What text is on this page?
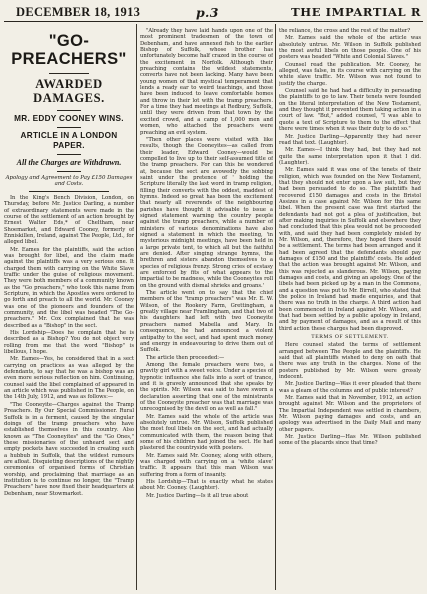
DECEMBER 18, 1913	p.3	THE IMPARTIAL R
"GO-PREACHERS"
AWARDED DAMAGES.
MR. EDDY COONEY WINS.
ARTICLE IN A LONDON PAPER.
All the Charges are Withdrawn.
Apology and Agreement to Pay £150 Damages and Costs.

In the King's Bench Division, London, on Thursday, before Mr. Justice Darling, a number of extraordinary statements were made in the course of the settlement of an action brought by Ernest Walter Eds,* of Cheltham, near Shoemarket, and Edward Cooney, formerly of Enniskillen, Ireland, against The People, Ltd., for alleged libel.

Mr. Eames for the plaintiffs, said the action was brought for libel, and the claim made against the plaintiffs was a very serious one. It charged them with carrying on the White Slave traffic under the guise of religious movement. They were both members of a community known as the "Go preachers," who took this name from Scripture, in which the Apostles were ordered to go forth and preach to all the world. Mr. Cooney was one of the pioneers and founders of the community, and the libel was headed "The Go-preachers." Mr. Cox complained that he was described as a "Bishop" in the sect.

His Lordship—Does he complain that he is described as a Bishop? You do not object very rolling from me that the word "Bishop" is libellous, I hope.

Mr. Eames—Yes, he considered that in a sect carrying on practices as was alleged by the defendants, to say that he was a bishop was an even more serious reflection on him. Continuing, counsel said the libel complained of appeared in an article which was published in The People, on the 14th July, 1912, and was as follows:—

"The Cooneyite—Charges against the Tramp Preachers. By Our Special Commissioner. Rural Suffolk is in a ferment, caused by the singular doings of the tramp preachers who have established themselves in this country. Also known as "The Cooneyites" and the "Go Ones," these missionaries of the unheard sect and empty pockets have succeeded in creating such a hubbub in Suffolk, that the wildest rumours are afloat. Disquieting descriptions of the nightly ceremonies of organised forms of Christian worship, and proclaiming that marriage as an institution is to continue no longer, the "Tramp Preachers" have now fixed their headquarters at Debenham, near Stowmarket.

"Already they have laid hands upon one of the most prominent tradesmen of the town of Debenham, and have annexed fish to the earlier Bishop of Suffolk, whose brother has unfortunately become half crazed in the course of the excitement in Norfolk. Although their preaching contains the wildest statements, converts have not been lacking. Many have been young women of that mystical temperament that lends a ready ear to weird teachings, and those have been induced to leave comfortable homes and throw in their lot with the tramp preachers. For a time they had meetings at Redbury, Suffolk, until they were driven from that town by the excited crowd, and a camp of 1,000 men and women, who attached the preachers were preaching an evil system.

"Then other places were visited with like results, though the Cooneyites—as called from their leader, Edward Cooney—would be compelled to live up to their self-assumed title of the tramp preachers. For can this be wondered at, because the sect are avowedly the sobbing saint under the pretence of ' holding the Scripture literally the last word in tramp religion, filling their converts with the oddest, maddest of hymns. Indeed so great has been the excitement that nearly all reverends of the neighbouring parishes have thought it advisable to issue a signed statement warning the country people against the tramp preachers, while a number of ministers of various denominations have also signed a statement in which the meeting, 'in mysterious midnight meetings, have been held in a large private tent, to which all but the faithful are denied. After singing strange hymns, the brethren and sisters abandon themselves to a species of religious frenzy. Strong cries of ecstasy are enforced by fits of what appears to the impartial to be madness, while the Cooneyites roll on the ground with dismal shrieks and groans.'

The article went on to say that the chief members of the "tramp preachers" was Mr. E. W. Wilson, of the Rookery Farm, Grettingham, a greatly village near Framlingham, and that two of his daughters had left with two Cooneyite preachers named Mabella and Mary. In consequence, he had announced a violent antipathy to the sect, and had spent much money and energy in endeavouring to drive them out of Suffolk.

The article then proceeded:—

Among the female preachers were two, a gravity girl with a sweet voice. Under a species of hypnotic influence she falls into a sort of trance, and it is gravely announced that she speaks by the spirits. Mr. Wilson was said to have sworn a declaration asserting that one of the ministrants of the Cooneyite preacher was that marriage was unrecognised by the devil on as well as fall."

Mr. Eames said the whole of the article was absolutely untrue. Mr. Wilson, Suffolk published the most foul libels on the sect, and had actually communicated with them, the reason being that some of his children had joined the sect. He had plastered the countryside with posters.

Mr. Eames said Mr. Cooney, along with others, was charged with carrying on a 'white slave' traffic. It appears that this man Wilson was suffering from a form of insanity.

His Lordship—That is exactly what he states about Mr. Cooney. (Laughter).

Mr. Justice Darling—Is it all true about

the reliance, the cross and the rest of the matter?

Mr. Eames said the whole of the article was absolutely untrue. Mr. Wilson in Suffolk published the most awful libels on those people. One of his posters was headed "White and Colonial Slaves."

Counsel read the publication. Mr. Cooney, he alleged, was false, in its course with carrying on the white slave traffic. Mr. Wilson was not found to justify the charge.

Counsel said he had had a difficulty in persuading the plaintiffs to go to law. Their tenets were founded on the literal interpretation of the New Testament, and they thought it prevented them taking action in a court of law. "But," added counsel, "I was able to quote a text of Scripture to them to the effect that there were times when it was their duty to do so."

Mr. Justice Darling—Apparently they had never read that text. (Laughter).

Mr. Eames—I think they had, but they had not quite the same interpretation upon it that I did. (Laughter).

Mr. Eames said it was one of the tenets of their religion, which was founded on the New Testament, that they should not enter upon a law suit, but they had been persuaded to do so. The plaintiffs had recovered £150 damages and costs in the Bristol Assizes in a case against Mr. Wilson for this same libel. When the present case was first started the defendants had not got a plea of justification, but after making inquiries in Suffolk and elsewhere they had concluded that this plea would not be proceeded with, and said they had been completely misled by Mr. Wilson, and, therefore, they hoped there would be a settlement. The terms had been arranged and it had been agreed that the defendants should pay damages of £150 and the plaintiffs' costs. He added that the action was brought against Mr. Wilson, and this was rejected as slanderous. Mr. Wilson, paying damages and costs, and giving an apology. One of the libels had been picked up by a man in the Commons, and a question was put to Mr. Birrell, who stated that the police in Ireland had made enquiries, and that there was no truth in the charge. A third action had been commenced in Ireland against Mr. Wilson, and that had been settled by a public apology in Ireland, and by payment of damages, and as a result of this third action these charges had been disproved.

TERMS OF SETTLEMENT.

Here counsel stated the terms of settlement arranged between The People and the plaintiffs. He said that all plaintiffs wished to deny on oath that there was any truth in the charges. None of the posters published by Mr. Wilson were grossly indecent.

Mr. Justice Darling—Was it ever pleaded that there was a gleam of the columns and of public interest?

Mr. Eames said that in November, 1912, an action brought against Mr. Wilson and the proprietors of The Impartial Independent was settled in chambers, Mr. Wilson paying damages and costs, and an apology was advertised in the Daily Mail and many other papers.

Mr. Justice Darling—Has Mr. Wilson published some of the placards since that time?
